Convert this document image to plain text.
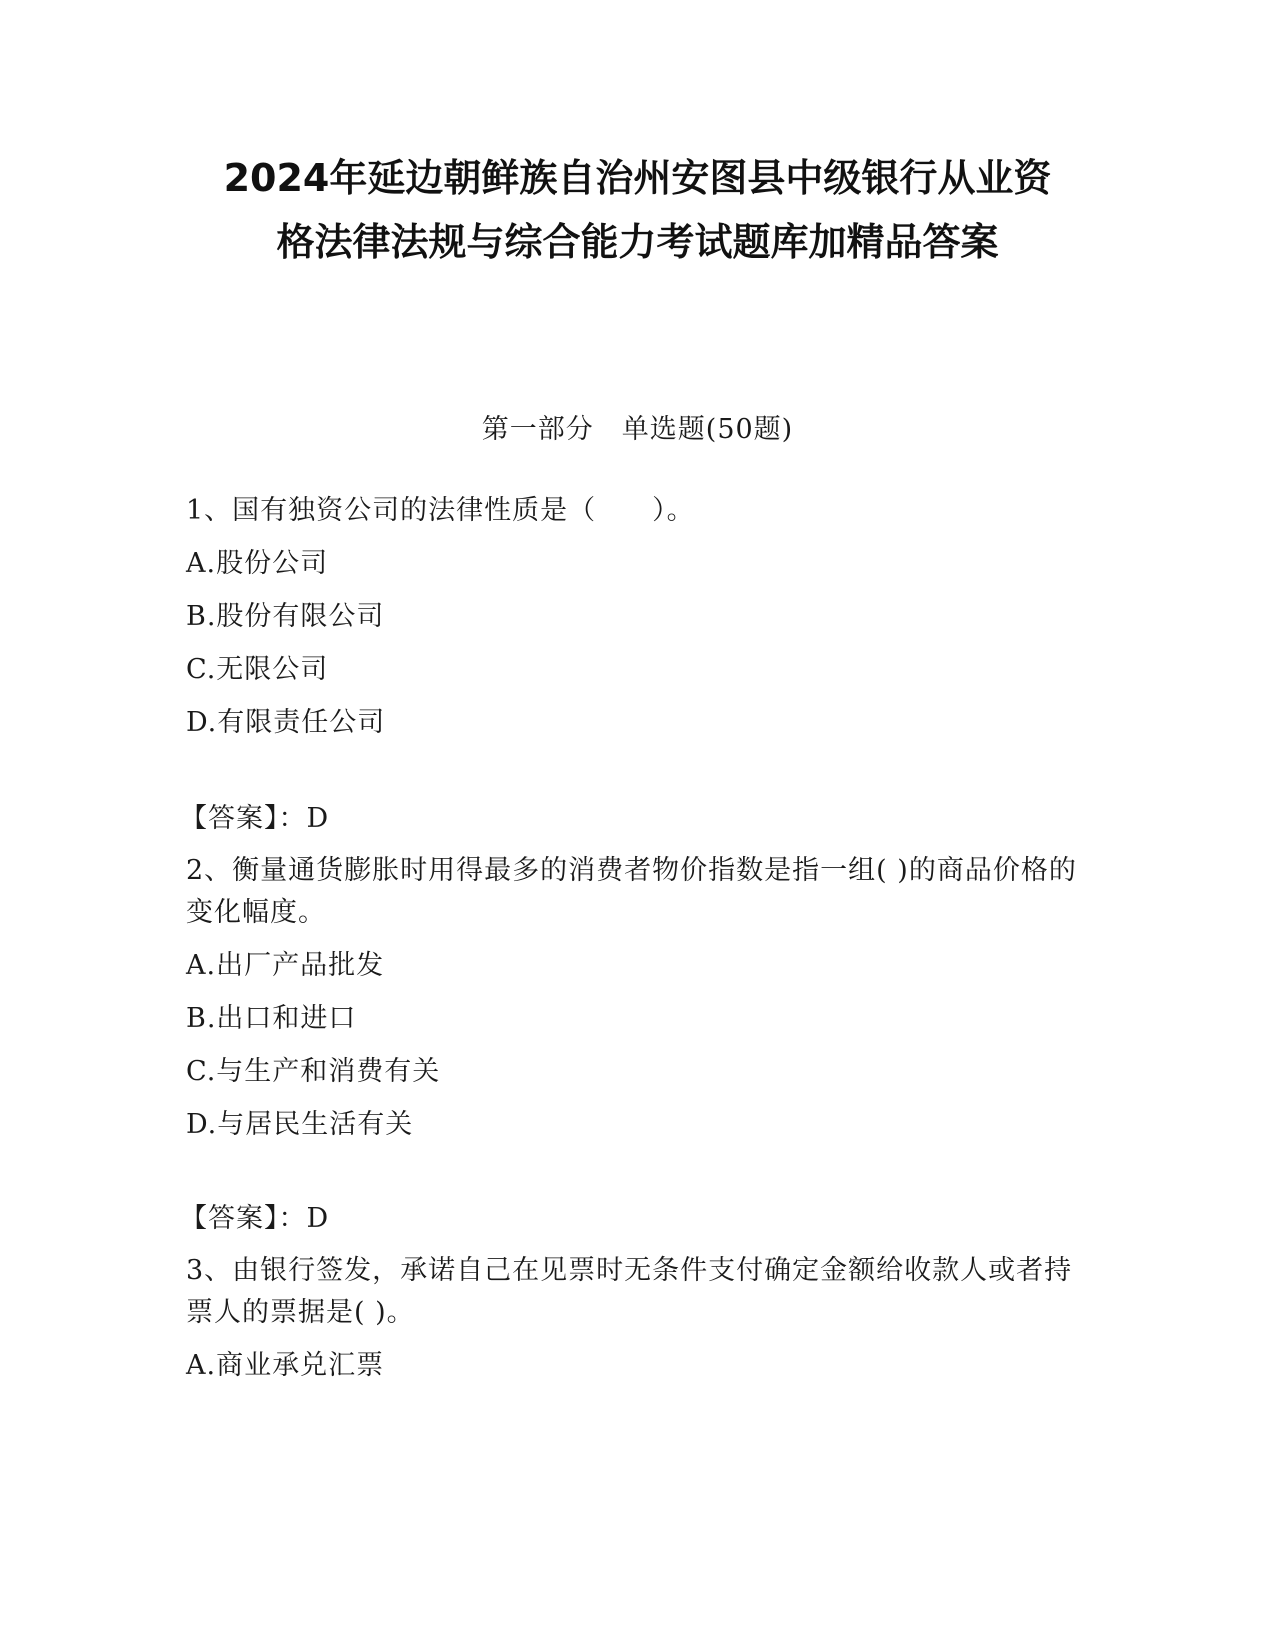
2024年延边朝鲜族自治州安图县中级银行从业资
格法律法规与综合能力考试题库加精品答案
第一部分　单选题(50题)

1、国有独资公司的法律性质是（　　）。

A.股份公司
B.股份有限公司
C.无限公司
D.有限责任公司
【答案】：D

2、衡量通货膨胀时用得最多的消费者物价指数是指一组( )的商品价格的变化幅度。

A.出厂产品批发
B.出口和进口
C.与生产和消费有关
D.与居民生活有关
【答案】：D

3、由银行签发，承诺自己在见票时无条件支付确定金额给收款人或者持票人的票据是( )。

A.商业承兑汇票
